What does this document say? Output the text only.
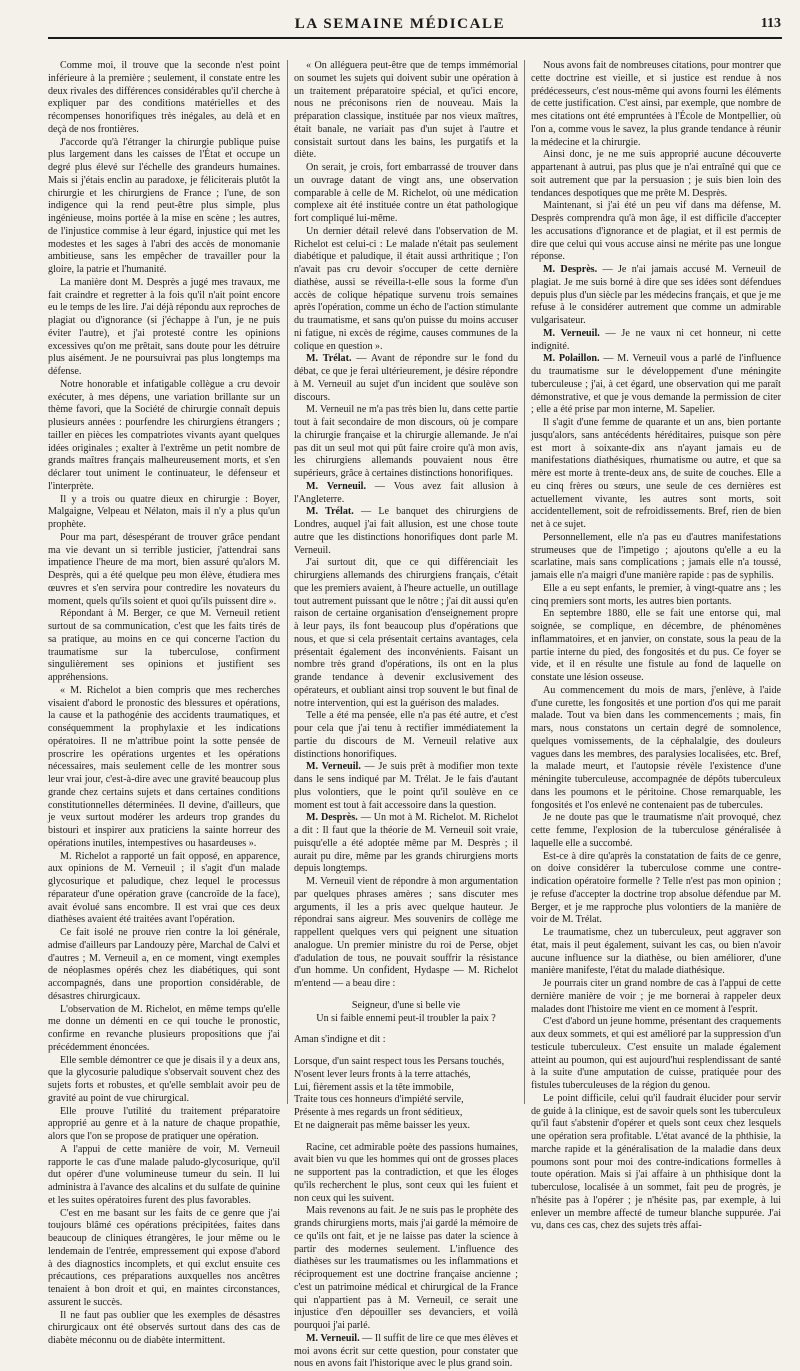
LA SEMAINE MÉDICALE	113

Comme moi, il trouve que la seconde n'est point inférieure à la première ; seulement, il constate entre les deux rivales des différences considérables qu'il cherche à expliquer par des conditions matérielles et des récompenses honorifiques très inégales, au delà et en deçà de nos frontières.

J'accorde qu'à l'étranger la chirurgie publique puise plus largement dans les caisses de l'État et occupe un degré plus élevé sur l'échelle des grandeurs humaines. Mais si j'étais enclin au paradoxe, je féliciterais plutôt la chirurgie et les chirurgiens de France ; l'une, de son indigence qui la rend peut-être plus simple, plus ingénieuse, moins portée à la mise en scène ; les autres, de l'injustice commise à leur égard, injustice qui met les modestes et les sages à l'abri des accès de monomanie ambitieuse, sans les empêcher de travailler pour la gloire, la patrie et l'humanité.

La manière dont M. Desprès a jugé mes travaux, me fait craindre et regretter à la fois qu'il n'ait point encore eu le temps de les lire. J'ai déjà répondu aux reproches de plagiat ou d'ignorance (si j'échappe à l'un, je ne puis éviter l'autre), et j'ai protesté contre les opinions excessives qu'on me prêtait, sans doute pour les détruire plus aisément. Je ne poursuivrai pas plus longtemps ma défense.

Notre honorable et infatigable collègue a cru devoir exécuter, à mes dépens, une variation brillante sur un thème favori, que la Société de chirurgie connaît depuis plusieurs années : pourfendre les chirurgiens étrangers ; tailler en pièces les compatriotes vivants ayant quelques idées originales ; exalter à l'extrême un petit nombre de grands maîtres français malheureusement morts, et s'en déclarer tout uniment le continuateur, le défenseur et l'interprète.

Il y a trois ou quatre dieux en chirurgie : Boyer, Malgaigne, Velpeau et Nélaton, mais il n'y a plus qu'un prophète.

Pour ma part, désespérant de trouver grâce pendant ma vie devant un si terrible justicier, j'attendrai sans impatience l'heure de ma mort, bien assuré qu'alors M. Desprès, qui a été quelque peu mon élève, étudiera mes œuvres et s'en servira pour contredire les novateurs du moment, quels qu'ils soient et quoi qu'ils puissent dire ».

Répondant à M. Berger, ce que M. Verneuil retient surtout de sa communication, c'est que les faits tirés de sa pratique, au moins en ce qui concerne l'action du traumatisme sur la tuberculose, confirment singulièrement ses opinions et justifient ses appréhensions.

« M. Richelot a bien compris que mes recherches visaient d'abord le pronostic des blessures et opérations, la cause et la pathogénie des accidents traumatiques, et conséquemment la prophylaxie et les indications opératoires. Il ne m'attribue point la sotte pensée de proscrire les opérations urgentes et les opérations nécessaires, mais seulement celle de les montrer sous leur vrai jour, c'est-à-dire avec une gravité beaucoup plus grande chez certains sujets et dans certaines conditions constitutionnelles déterminées. Il devine, d'ailleurs, que je veux surtout modérer les ardeurs trop grandes du bistouri et inspirer aux praticiens la sainte horreur des opérations inutiles, intempestives ou hasardeuses ».

M. Richelot a rapporté un fait opposé, en apparence, aux opinions de M. Verneuil ; il s'agit d'un malade glycosurique et paludique, chez lequel le processus réparateur d'une opération grave (cancroïde de la face), avait évolué sans encombre. Il est vrai que ces deux diathèses avaient été traitées avant l'opération.

Ce fait isolé ne prouve rien contre la loi générale, admise d'ailleurs par Landouzy père, Marchal de Calvi et d'autres ; M. Verneuil a, en ce moment, vingt exemples de néoplasmes opérés chez les diabétiques, qui sont accompagnés, dans une proportion considérable, de désastres chirurgicaux.

L'observation de M. Richelot, en même temps qu'elle me donne un démenti en ce qui touche le pronostic, confirme en revanche plusieurs propositions que j'ai précédemment énoncées.

Elle semble démontrer ce que je disais il y a deux ans, que la glycosurie paludique s'observait souvent chez des sujets forts et robustes, et qu'elle semblait avoir peu de gravité au point de vue chirurgical.

Elle prouve l'utilité du traitement préparatoire approprié au genre et à la nature de chaque propathie, alors que l'on se propose de pratiquer une opération.

A l'appui de cette manière de voir, M. Verneuil rapporte le cas d'une malade paludo-glycosurique, qu'il dut opérer d'une volumineuse tumeur du sein. Il lui administra à l'avance des alcalins et du sulfate de quinine et les suites opératoires furent des plus favorables.

C'est en me basant sur les faits de ce genre que j'ai toujours blâmé ces opérations précipitées, faites dans beaucoup de cliniques étrangères, le jour même ou le lendemain de l'entrée, empressement qui expose d'abord à des diagnostics incomplets, et qui exclut ensuite ces précautions, ces préparations auxquelles nos ancêtres tenaient à bon droit et qui, en maintes circonstances, assurent le succès.

Il ne faut pas oublier que les exemples de désastres chirurgicaux ont été observés surtout dans des cas de diabète méconnu ou de diabète intermittent.

« On alléguera peut-être que de temps immémorial on soumet les sujets qui doivent subir une opération à un traitement préparatoire spécial, et qu'ici encore, nous ne préconisons rien de nouveau. Mais la préparation classique, instituée par nos vieux maîtres, était banale, ne variait pas d'un sujet à l'autre et consistait surtout dans les bains, les purgatifs et la diète.

On serait, je crois, fort embarrassé de trouver dans un ouvrage datant de vingt ans, une observation comparable à celle de M. Richelot, où une médication complexe ait été instituée contre un état pathologique fort compliqué lui-même.

Un dernier détail relevé dans l'observation de M. Richelot est celui-ci : Le malade n'était pas seulement diabétique et paludique, il était aussi arthritique ; l'on n'avait pas cru devoir s'occuper de cette dernière diathèse, aussi se réveilla-t-elle sous la forme d'un accès de colique hépatique survenu trois semaines après l'opération, comme un écho de l'action stimulante du traumatisme, et sans qu'on puisse du moins accuser ni fatigue, ni excès de régime, causes communes de la colique en question ».

M. Trélat. — Avant de répondre sur le fond du débat, ce que je ferai ultérieurement, je désire répondre à M. Verneuil au sujet d'un incident que soulève son discours.

M. Verneuil ne m'a pas très bien lu, dans cette partie tout à fait secondaire de mon discours, où je compare la chirurgie française et la chirurgie allemande. Je n'ai pas dit un seul mot qui pût faire croire qu'à mon avis, les chirurgiens allemands pouvaient nous être supérieurs, grâce à certaines distinctions honorifiques.

M. Verneuil. — Vous avez fait allusion à l'Angleterre.

M. Trélat. — Le banquet des chirurgiens de Londres, auquel j'ai fait allusion, est une chose toute autre que les distinctions honorifiques dont parle M. Verneuil.

J'ai surtout dit, que ce qui différenciait les chirurgiens allemands des chirurgiens français, c'était que les premiers avaient, à l'heure actuelle, un outillage tout autrement puissant que le nôtre ; j'ai dit aussi qu'en raison de certaine organisation d'enseignement propre à leur pays, ils font beaucoup plus d'opérations que nous, et que si cela présentait certains avantages, cela présentait également des inconvénients. Faisant un nombre très grand d'opérations, ils ont en la plus grande tendance à devenir exclusivement des opérateurs, et oubliant ainsi trop souvent le but final de notre intervention, qui est la guérison des malades.

Telle a été ma pensée, elle n'a pas été autre, et c'est pour cela que j'ai tenu à rectifier immédiatement la partie du discours de M. Verneuil relative aux distinctions honorifiques.

M. Verneuil. — Je suis prêt à modifier mon texte dans le sens indiqué par M. Trélat. Je le fais d'autant plus volontiers, que le point qu'il soulève en ce moment est tout à fait accessoire dans la question.

M. Desprès. — Un mot à M. Richelot. M. Richelot a dit : Il faut que la théorie de M. Verneuil soit vraie, puisqu'elle a été adoptée même par M. Desprès ; il aurait pu dire, même par les grands chirurgiens morts depuis longtemps.

M. Verneuil vient de répondre à mon argumentation par quelques phrases amères ; sans discuter mes arguments, il les a pris avec quelque hauteur. Je répondrai sans aigreur. Mes souvenirs de collège me rappellent quelques vers qui peignent une situation analogue. Un premier ministre du roi de Perse, objet d'adulation de tous, ne pouvait souffrir la résistance d'un homme. Un confident, Hydaspe — M. Richelot m'entend — a beau dire :

Seigneur, d'une si belle vie
Un si faible ennemi peut-il troubler la paix ?

Aman s'indigne et dit :

Lorsque, d'un saint respect tous les Persans touchés,
N'osent lever leurs fronts à la terre attachés,
Lui, fièrement assis et la tête immobile,
Traite tous ces honneurs d'impiété servile,
Présente à mes regards un front séditieux,
Et ne daignerait pas même baisser les yeux.

Racine, cet admirable poète des passions humaines, avait bien vu que les hommes qui ont de grosses places ne supportent pas la contradiction, et que les éloges qu'ils recherchent le plus, sont ceux qui les fuient et non ceux qui les suivent.

Mais revenons au fait. Je ne suis pas le prophète des grands chirurgiens morts, mais j'ai gardé la mémoire de ce qu'ils ont fait, et je ne laisse pas dater la science à partir des modernes seulement. L'influence des diathèses sur les traumatismes ou les inflammations et réciproquement est une doctrine française ancienne ; c'est un patrimoine médical et chirurgical de la France qui n'appartient pas à M. Verneuil, ce serait une injustice d'en dépouiller ses devanciers, et voilà pourquoi j'ai parlé.

M. Verneuil. — Il suffit de lire ce que mes élèves et moi avons écrit sur cette question, pour constater que nous en avons fait l'historique avec le plus grand soin.

Nous avons fait de nombreuses citations, pour montrer que cette doctrine est vieille, et si justice est rendue à nos prédécesseurs, c'est nous-même qui avons fourni les éléments de cette justification. C'est ainsi, par exemple, que nombre de mes citations ont été empruntées à l'École de Montpellier, où l'on a, comme vous le savez, la plus grande tendance à réunir la médecine et la chirurgie.

Ainsi donc, je ne me suis approprié aucune découverte appartenant à autrui, pas plus que je n'ai entraîné qui que ce soit autrement que par la persuasion ; je suis bien loin des tendances despotiques que me prête M. Desprès.

Maintenant, si j'ai été un peu vif dans ma défense, M. Desprès comprendra qu'à mon âge, il est difficile d'accepter les accusations d'ignorance et de plagiat, et il est permis de dire que celui qui vous accuse ainsi ne mérite pas une longue réponse.

M. Desprès. — Je n'ai jamais accusé M. Verneuil de plagiat. Je me suis borné à dire que ses idées sont défendues depuis plus d'un siècle par les médecins français, et que je me refuse à le considérer autrement que comme un admirable vulgarisateur.

M. Verneuil. — Je ne vaux ni cet honneur, ni cette indignité.

M. Polaillon. — M. Verneuil vous a parlé de l'influence du traumatisme sur le développement d'une méningite tuberculeuse ; j'ai, à cet égard, une observation qui me paraît démonstrative, et que je vous demande la permission de citer ; elle a été prise par mon interne, M. Sapelier.

Il s'agit d'une femme de quarante et un ans, bien portante jusqu'alors, sans antécédents héréditaires, puisque son père est mort à soixante-dix ans n'ayant jamais eu de manifestations diathésiques, rhumatisme ou autre, et que sa mère est morte à trente-deux ans, de suite de couches. Elle a eu cinq frères ou sœurs, une seule de ces dernières est actuellement vivante, les autres sont morts, soit accidentellement, soit de refroidissements. Bref, rien de bien net à ce sujet.

Personnellement, elle n'a pas eu d'autres manifestations strumeuses que de l'impetigo ; ajoutons qu'elle a eu la scarlatine, mais sans complications ; jamais elle n'a toussé, jamais elle n'a maigri d'une manière rapide : pas de syphilis.

Elle a eu sept enfants, le premier, à vingt-quatre ans ; les cinq premiers sont morts, les autres bien portants.

En septembre 1880, elle se fait une entorse qui, mal soignée, se complique, en décembre, de phénomènes inflammatoires, et en janvier, on constate, sous la peau de la partie interne du pied, des fongosités et du pus. Ce foyer se vide, et il en résulte une fistule au fond de laquelle on constate une lésion osseuse.

Au commencement du mois de mars, j'enlève, à l'aide d'une curette, les fongosités et une portion d'os qui me parait malade. Tout va bien dans les commencements ; mais, fin mars, nous constatons un certain degré de somnolence, quelques vomissements, de la céphalalgie, des douleurs vagues dans les membres, des paralysies localisées, etc. Bref, la malade meurt, et l'autopsie révèle l'existence d'une méningite tuberculeuse, accompagnée de dépôts tuberculeux dans les poumons et le péritoine. Chose remarquable, les fongosités et l'os enlevé ne contenaient pas de tubercules.

Je ne doute pas que le traumatisme n'ait provoqué, chez cette femme, l'explosion de la tuberculose généralisée à laquelle elle a succombé.

Est-ce à dire qu'après la constatation de faits de ce genre, on doive considérer la tuberculose comme une contre-indication opératoire formelle ? Telle n'est pas mon opinion ; je refuse d'accepter la doctrine trop absolue défendue par M. Berger, et je me rapproche plus volontiers de la manière de voir de M. Trélat.

Le traumatisme, chez un tuberculeux, peut aggraver son état, mais il peut également, suivant les cas, ou bien n'avoir aucune influence sur la diathèse, ou bien améliorer, d'une manière manifeste, l'état du malade diathésique.

Je pourrais citer un grand nombre de cas à l'appui de cette dernière manière de voir ; je me bornerai à rappeler deux malades dont l'histoire me vient en ce moment à l'esprit.

C'est d'abord un jeune homme, présentant des craquements aux deux sommets, et qui est amélioré par la suppression d'un testicule tuberculeux. C'est ensuite un malade également atteint au poumon, qui est aujourd'hui resplendissant de santé à la suite d'une amputation de cuisse, pratiquée pour des fistules tuberculeuses de la région du genou.

Le point difficile, celui qu'il faudrait élucider pour servir de guide à la clinique, est de savoir quels sont les tuberculeux qu'il faut s'abstenir d'opérer et quels sont ceux chez lesquels une opération sera profitable. L'état avancé de la phthisie, la marche rapide et la généralisation de la maladie dans deux poumons sont pour moi des contre-indications formelles à toute opération. Mais si j'ai affaire à un phthisique dont la tuberculose, localisée à un sommet, fait peu de progrès, je n'hésite pas à l'opérer ; je n'hésite pas, par exemple, à lui enlever un membre affecté de tumeur blanche suppurée. J'ai vu, dans ces cas, chez des sujets très affai-
